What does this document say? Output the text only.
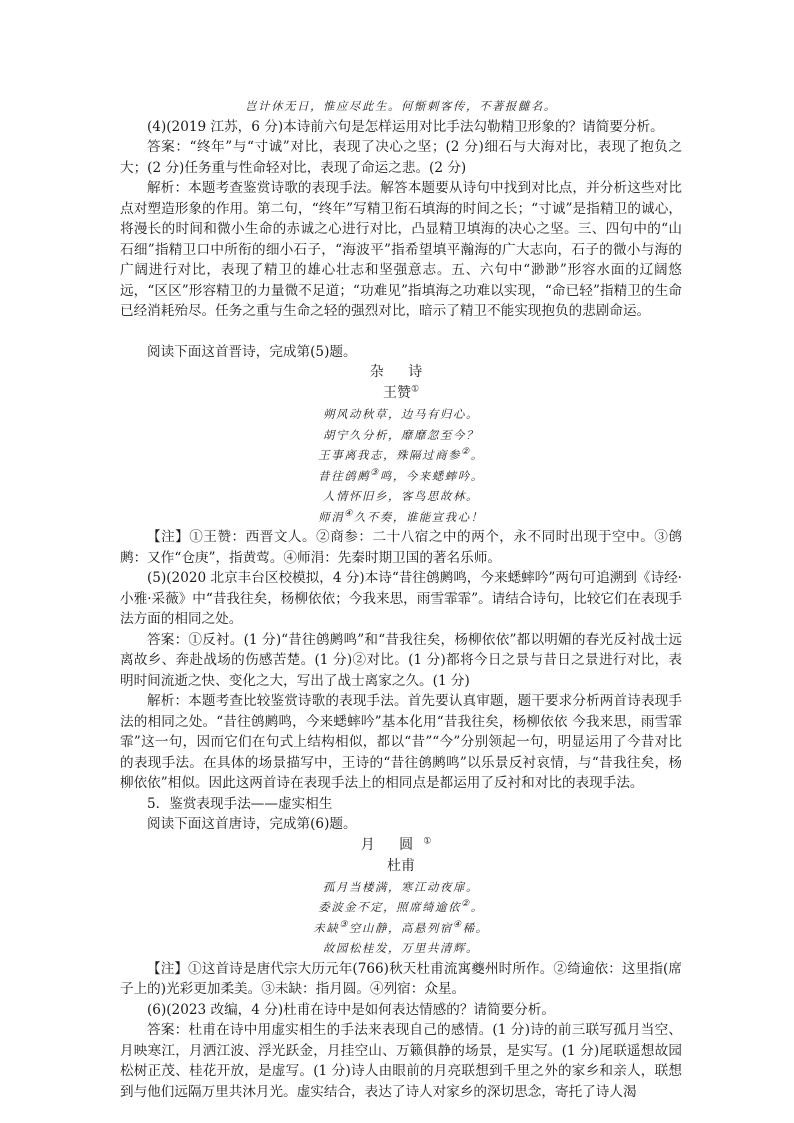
岂计休无日，惟应尽此生。何惭刺客传，不著报雠名。

(4)(2019 江苏，6 分)本诗前六句是怎样运用对比手法勾勒精卫形象的？请简要分析。

答案：“终年”与“寸诚”对比，表现了决心之坚；(2 分)细石与大海对比，表现了抱负之大；(2 分)任务重与性命轻对比，表现了命运之悲。(2 分)

解析：本题考查鉴赏诗歌的表现手法。解答本题要从诗句中找到对比点，并分析这些对比点对塑造形象的作用。第二句，“终年”写精卫衔石填海的时间之长；“寸诚”是指精卫的诚心，将漫长的时间和微小生命的赤诚之心进行对比，凸显精卫填海的决心之坚。三、四句中的“山石细”指精卫口中所衔的细小石子，“海波平”指希望填平瀚海的广大志向，石子的微小与海的广阔进行对比，表现了精卫的雄心壮志和坚强意志。五、六句中“渺渺”形容水面的辽阔悠远，“区区”形容精卫的力量微不足道；“功难见”指填海之功难以实现，“命已轻”指精卫的生命已经消耗殆尽。任务之重与生命之轻的强烈对比，暗示了精卫不能实现抱负的悲剧命运。

阅读下面这首晋诗，完成第(5)题。

杂 诗

王赞①

朔风动秋草，边马有归心。

胡宁久分析，靡靡忽至今？

王事离我志，殊隔过商参②。

昔往鸧鹒③鸣，今来蟋蟀吟。

人情怀旧乡，客鸟思故林。

师涓④久不奏，谁能宣我心！

【注】①王赞：西晋文人。②商参：二十八宿之中的两个，永不同时出现于空中。③鸧鹒：又作“仓庚”，指黄莺。④师涓：先秦时期卫国的著名乐师。

(5)(2020 北京丰台区校模拟，4 分)本诗“昔往鸧鹒鸣，今来蟋蟀吟”两句可追溯到《诗经·小雅·采薇》中“昔我往矣，杨柳依依；今我来思，雨雪霏霏”。请结合诗句，比较它们在表现手法方面的相同之处。

答案：①反衬。(1 分)“昔往鸧鹒鸣”和“昔我往矣，杨柳依依”都以明媚的春光反衬战士远离故乡、奔赴战场的伤感苦楚。(1 分)②对比。(1 分)都将今日之景与昔日之景进行对比，表明时间流逝之快、变化之大，写出了战士离家之久。(1 分)

解析：本题考查比较鉴赏诗歌的表现手法。首先要认真审题，题干要求分析两首诗表现手法的相同之处。“昔往鸧鹒鸣，今来蟋蟀吟”基本化用“昔我往矣，杨柳依依 今我来思，雨雪霏霏”这一句，因而它们在句式上结构相似，都以“昔”“今”分别领起一句，明显运用了今昔对比的表现手法。在具体的场景描写中，王诗的“昔往鸧鹒鸣”以乐景反衬哀情，与“昔我往矣，杨柳依依”相似。因此这两首诗在表现手法上的相同点是都运用了反衬和对比的表现手法。

5．鉴赏表现手法——虚实相生

阅读下面这首唐诗，完成第(6)题。

月 圆①

杜甫

孤月当楼满，寒江动夜扉。

委波金不定，照席绮逾依②。

未缺③空山静，高悬列宿④稀。

故园松桂发，万里共清辉。

【注】①这首诗是唐代宗大历元年(766)秋天杜甫流寓夔州时所作。②绮逾依：这里指(席子上的)光彩更加柔美。③未缺：指月圆。④列宿：众星。

(6)(2023 改编，4 分)杜甫在诗中是如何表达情感的？请简要分析。

答案：杜甫在诗中用虚实相生的手法来表现自己的感情。(1 分)诗的前三联写孤月当空、月映寒江，月洒江波、浮光跃金，月挂空山、万籁俱静的场景，是实写。(1 分)尾联遥想故园松树正茂、桂花开放，是虚写。(1 分)诗人由眼前的月亮联想到千里之外的家乡和亲人，联想到与他们远隔万里共沐月光。虚实结合，表达了诗人对家乡的深切思念，寄托了诗人渴
